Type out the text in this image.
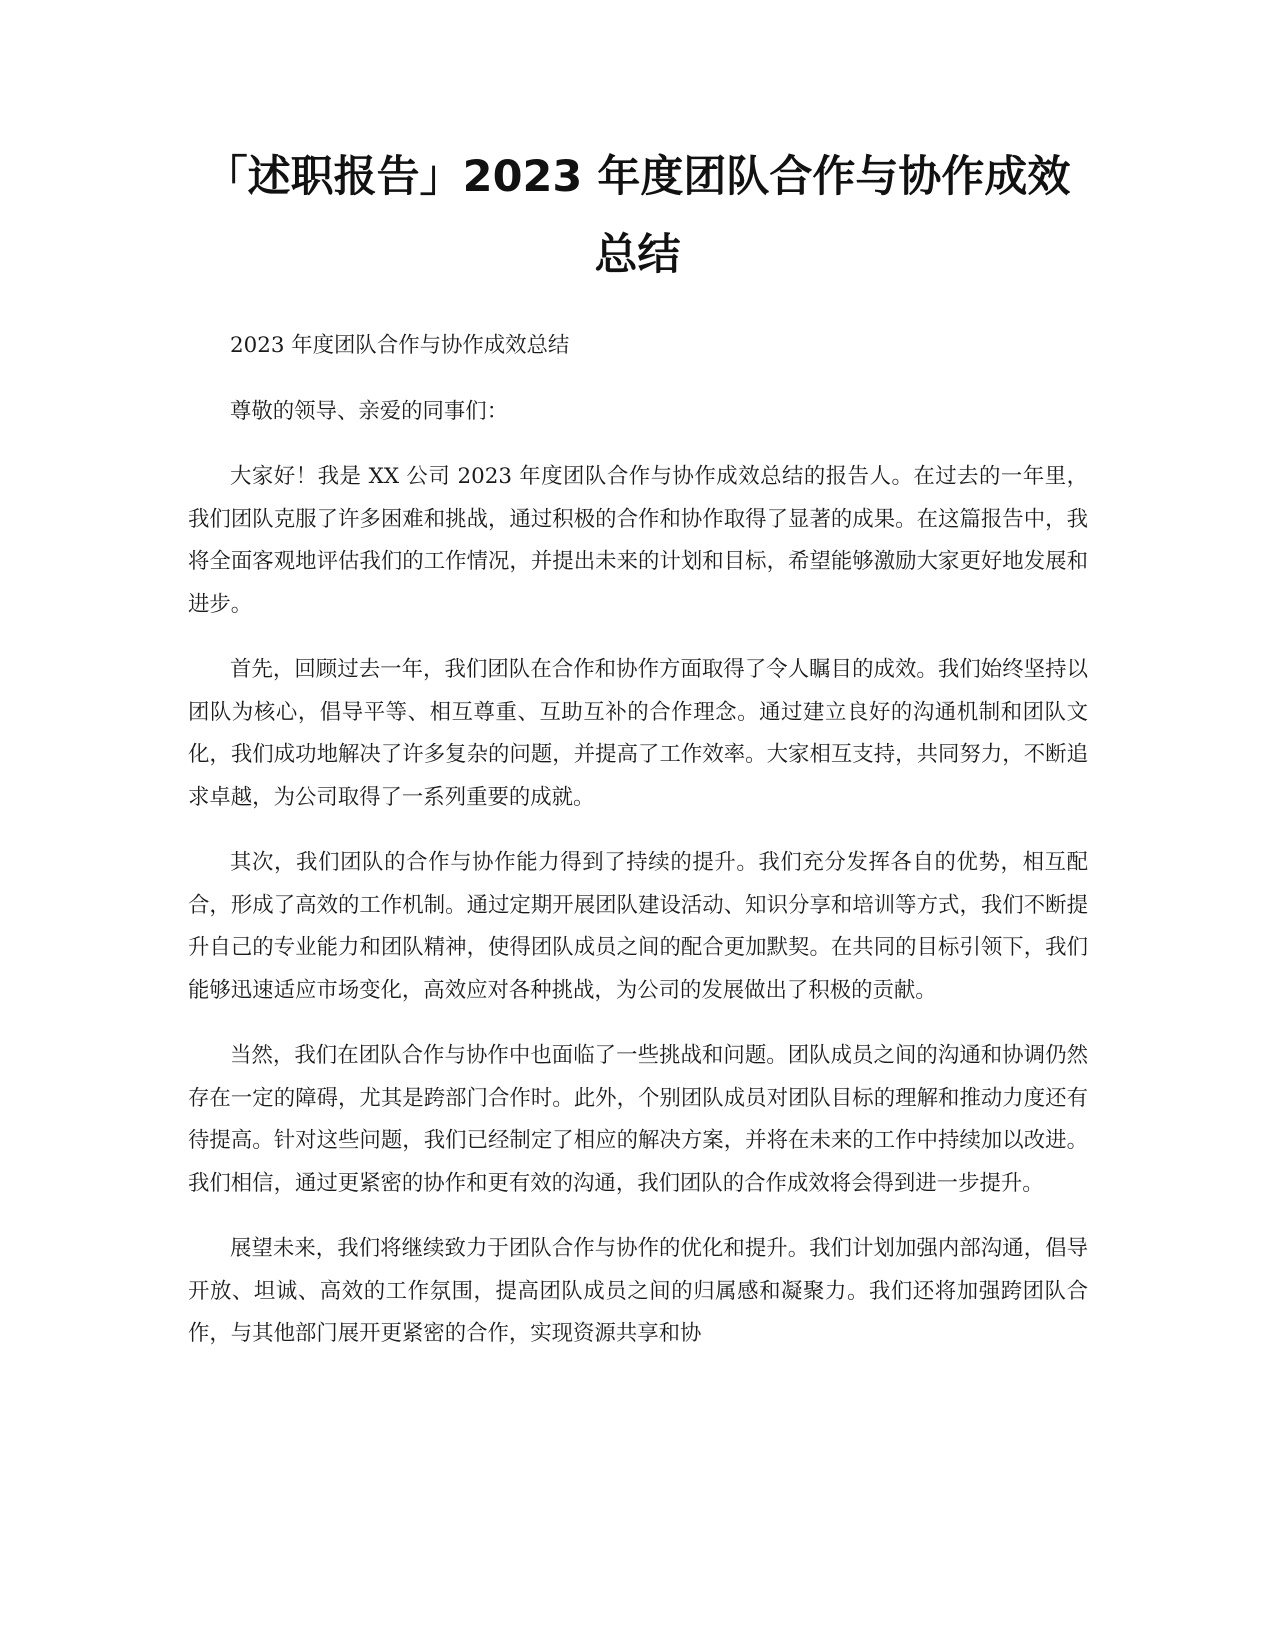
「述职报告」2023 年度团队合作与协作成效
总结

2023 年度团队合作与协作成效总结

尊敬的领导、亲爱的同事们：

大家好！我是 XX 公司 2023 年度团队合作与协作成效总结的报告人。在过去的一年里，我们团队克服了许多困难和挑战，通过积极的合作和协作取得了显著的成果。在这篇报告中，我将全面客观地评估我们的工作情况，并提出未来的计划和目标，希望能够激励大家更好地发展和进步。

首先，回顾过去一年，我们团队在合作和协作方面取得了令人瞩目的成效。我们始终坚持以团队为核心，倡导平等、相互尊重、互助互补的合作理念。通过建立良好的沟通机制和团队文化，我们成功地解决了许多复杂的问题，并提高了工作效率。大家相互支持，共同努力，不断追求卓越，为公司取得了一系列重要的成就。

其次，我们团队的合作与协作能力得到了持续的提升。我们充分发挥各自的优势，相互配合，形成了高效的工作机制。通过定期开展团队建设活动、知识分享和培训等方式，我们不断提升自己的专业能力和团队精神，使得团队成员之间的配合更加默契。在共同的目标引领下，我们能够迅速适应市场变化，高效应对各种挑战，为公司的发展做出了积极的贡献。

当然，我们在团队合作与协作中也面临了一些挑战和问题。团队成员之间的沟通和协调仍然存在一定的障碍，尤其是跨部门合作时。此外，个别团队成员对团队目标的理解和推动力度还有待提高。针对这些问题，我们已经制定了相应的解决方案，并将在未来的工作中持续加以改进。我们相信，通过更紧密的协作和更有效的沟通，我们团队的合作成效将会得到进一步提升。

展望未来，我们将继续致力于团队合作与协作的优化和提升。我们计划加强内部沟通，倡导开放、坦诚、高效的工作氛围，提高团队成员之间的归属感和凝聚力。我们还将加强跨团队合作，与其他部门展开更紧密的合作，实现资源共享和协
